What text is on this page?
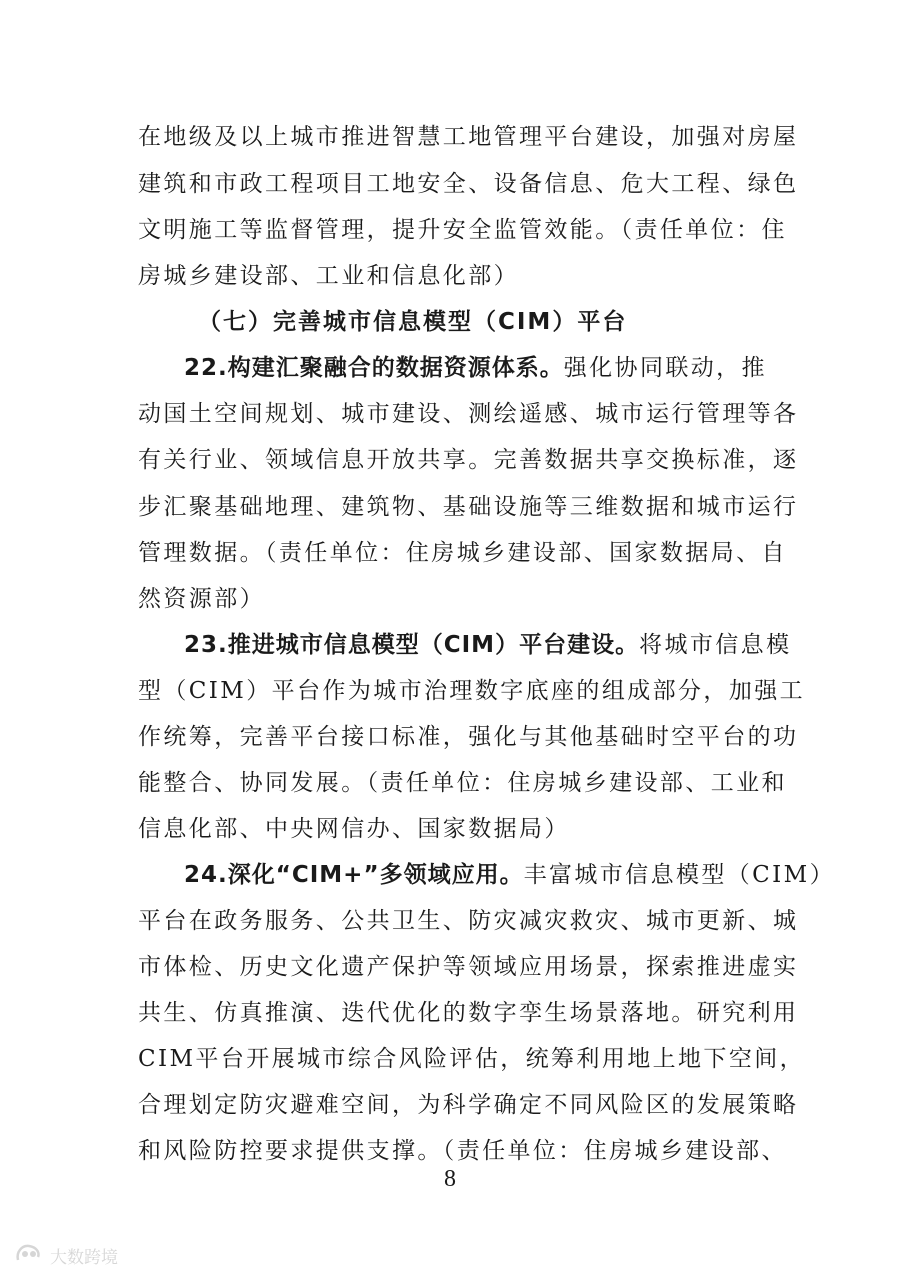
在地级及以上城市推进智慧工地管理平台建设，加强对房屋
建筑和市政工程项目工地安全、设备信息、危大工程、绿色
文明施工等监督管理，提升安全监管效能。（责任单位：住
房城乡建设部、工业和信息化部）
（七）完善城市信息模型（CIM）平台
22.构建汇聚融合的数据资源体系。强化协同联动，推
动国土空间规划、城市建设、测绘遥感、城市运行管理等各
有关行业、领域信息开放共享。完善数据共享交换标准，逐
步汇聚基础地理、建筑物、基础设施等三维数据和城市运行
管理数据。（责任单位：住房城乡建设部、国家数据局、自
然资源部）
23.推进城市信息模型（CIM）平台建设。将城市信息模
型（CIM）平台作为城市治理数字底座的组成部分，加强工
作统筹，完善平台接口标准，强化与其他基础时空平台的功
能整合、协同发展。（责任单位：住房城乡建设部、工业和
信息化部、中央网信办、国家数据局）
24.深化“CIM+”多领域应用。丰富城市信息模型（CIM）
平台在政务服务、公共卫生、防灾减灾救灾、城市更新、城
市体检、历史文化遗产保护等领域应用场景，探索推进虚实
共生、仿真推演、迭代优化的数字孪生场景落地。研究利用
CIM平台开展城市综合风险评估，统筹利用地上地下空间，
合理划定防灾避难空间，为科学确定不同风险区的发展策略
和风险防控要求提供支撑。（责任单位：住房城乡建设部、
8
大数跨境
